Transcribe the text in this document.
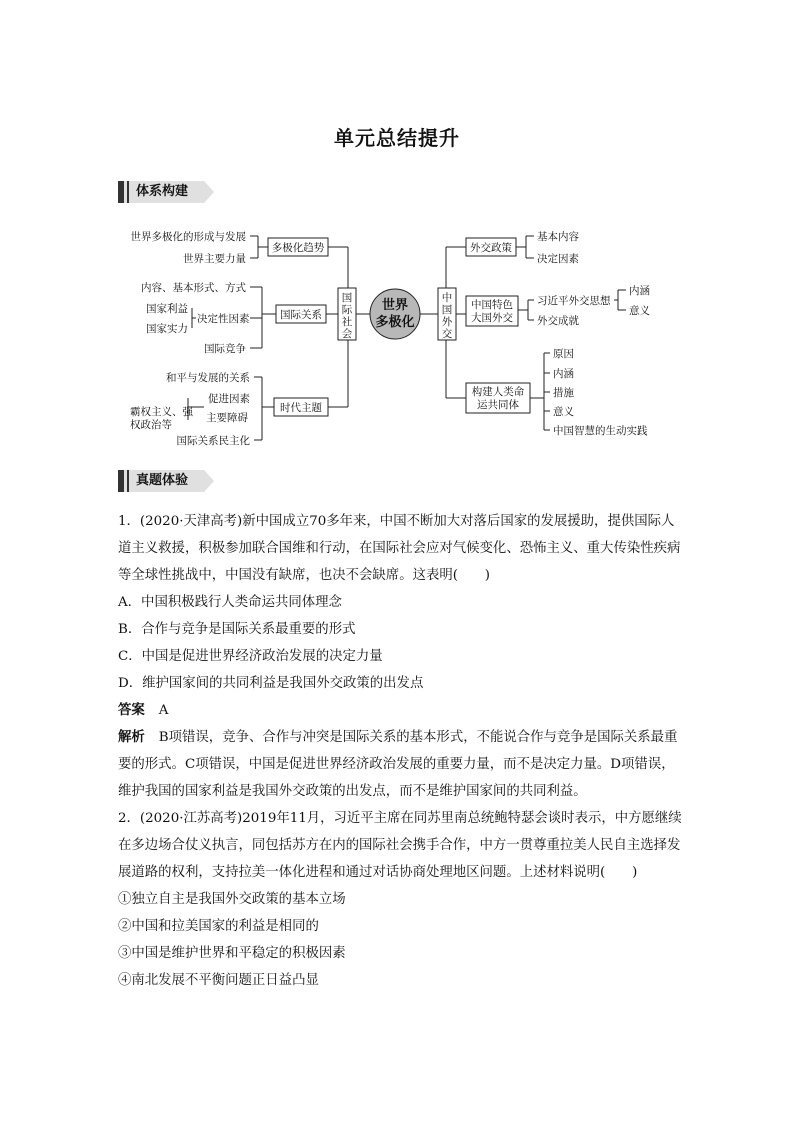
单元总结提升
体系构建
世界多极化的形成与发展
世界主要力量
多极化趋势
内容、基本形式、方式
国家利益
国家实力
决定性因素
国际竞争
国际关系
和平与发展的关系
促进因素
霸权主义、强
权政治等
主要障碍
国际关系民主化
时代主题
国
际
社
会
中
国
外
交
外交政策
基本内容
决定因素
中国特色
大国外交
习近平外交思想
外交成就
内涵
意义
构建人类命
运共同体
原因
内涵
措施
意义
中国智慧的生动实践
世界
多极化
真题体验

1．(2020·天津高考)新中国成立70多年来，中国不断加大对落后国家的发展援助，提供国际人道主义救援，积极参加联合国维和行动，在国际社会应对气候变化、恐怖主义、重大传染性疾病等全球性挑战中，中国没有缺席，也决不会缺席。这表明(　　)

A．中国积极践行人类命运共同体理念

B．合作与竞争是国际关系最重要的形式

C．中国是促进世界经济政治发展的决定力量

D．维护国家间的共同利益是我国外交政策的出发点

答案 A

解析 B项错误，竞争、合作与冲突是国际关系的基本形式，不能说合作与竞争是国际关系最重要的形式。C项错误，中国是促进世界经济政治发展的重要力量，而不是决定力量。D项错误，维护我国的国家利益是我国外交政策的出发点，而不是维护国家间的共同利益。

2．(2020·江苏高考)2019年11月，习近平主席在同苏里南总统鲍特瑟会谈时表示，中方愿继续在多边场合仗义执言，同包括苏方在内的国际社会携手合作，中方一贯尊重拉美人民自主选择发展道路的权利，支持拉美一体化进程和通过对话协商处理地区问题。上述材料说明(　　)

①独立自主是我国外交政策的基本立场

②中国和拉美国家的利益是相同的

③中国是维护世界和平稳定的积极因素

④南北发展不平衡问题正日益凸显
